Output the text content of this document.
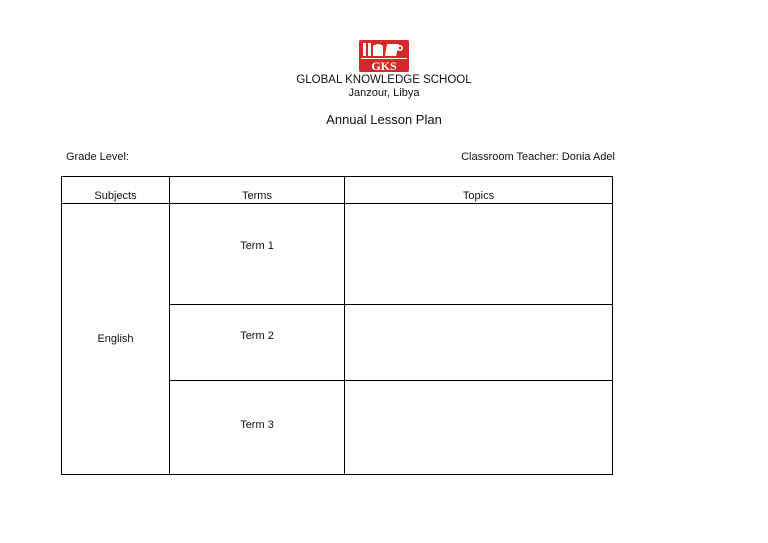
GKS
GLOBAL KNOWLEDGE SCHOOL
Janzour, Libya
Annual Lesson Plan
Grade Level:	Classroom Teacher: Donia Adel
Subjects	Terms	Topics
English	Term 1	
	Term 2	
	Term 3	
